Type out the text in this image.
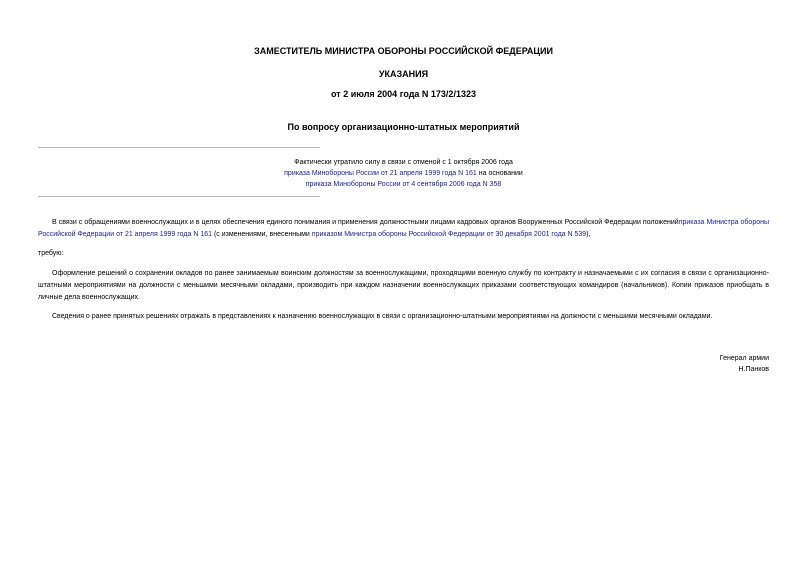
ЗАМЕСТИТЕЛЬ МИНИСТРА ОБОРОНЫ РОССИЙСКОЙ ФЕДЕРАЦИИ
УКАЗАНИЯ
от 2 июля 2004 года N 173/2/1323
По вопросу организационно-штатных мероприятий
Фактически утратило силу в связи с отменой с 1 октября 2006 года
приказа Минобороны России от 21 апреля 1999 года N 161 на основании
приказа Минобороны России от 4 сентября 2006 года N 358
В связи с обращениями военнослужащих и в целях обеспечения единого понимания и применения должностными лицами кадровых органов Вооруженных Российской Федерации положенийприказа Министра обороны Российской Федерации от 21 апреля 1999 года N 161 (с изменениями, внесенными приказом Министра обороны Российской Федерации от 30 декабря 2001 года N 539),
требую:
Оформление решений о сохранении окладов по ранее занимаемым воинским должностям за военнослужащими, проходящими военную службу по контракту и назначаемыми с их согласия в связи с организационно-штатными мероприятиями на должности с меньшими месячными окладами, производить при каждом назначении военнослужащих приказами соответствующих командиров (начальников). Копии приказов приобщать в личные дела военнослужащих.
Сведения о ранее принятых решениях отражать в представлениях к назначению военнослужащих в связи с организационно-штатными мероприятиями на должности с меньшими месячными окладами.
Генерал армии
Н.Панков
